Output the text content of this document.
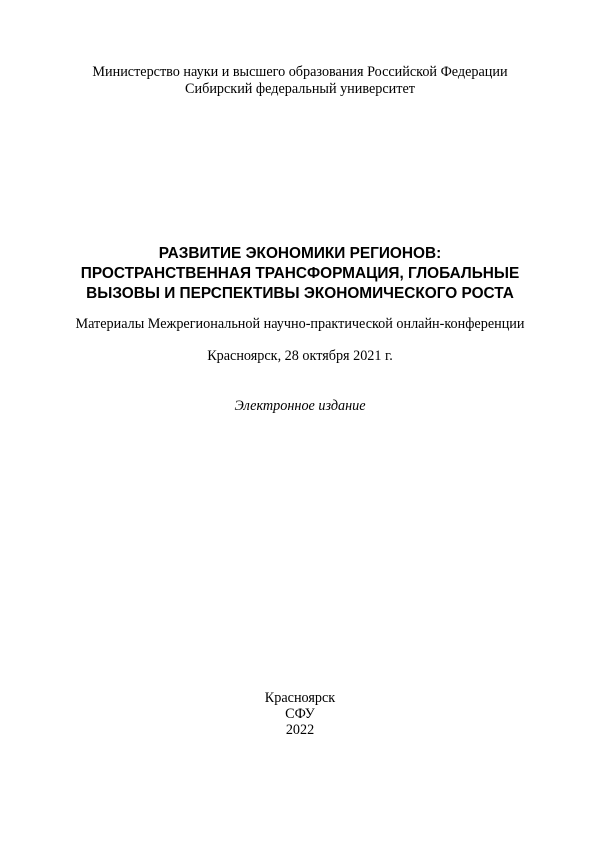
Министерство науки и высшего образования Российской Федерации
Сибирский федеральный университет
РАЗВИТИЕ ЭКОНОМИКИ РЕГИОНОВ:
ПРОСТРАНСТВЕННАЯ ТРАНСФОРМАЦИЯ, ГЛОБАЛЬНЫЕ
ВЫЗОВЫ И ПЕРСПЕКТИВЫ ЭКОНОМИЧЕСКОГО РОСТА
Материалы Межрегиональной научно-практической онлайн-конференции
Красноярск, 28 октября 2021 г.
Электронное издание
Красноярск
СФУ
2022
